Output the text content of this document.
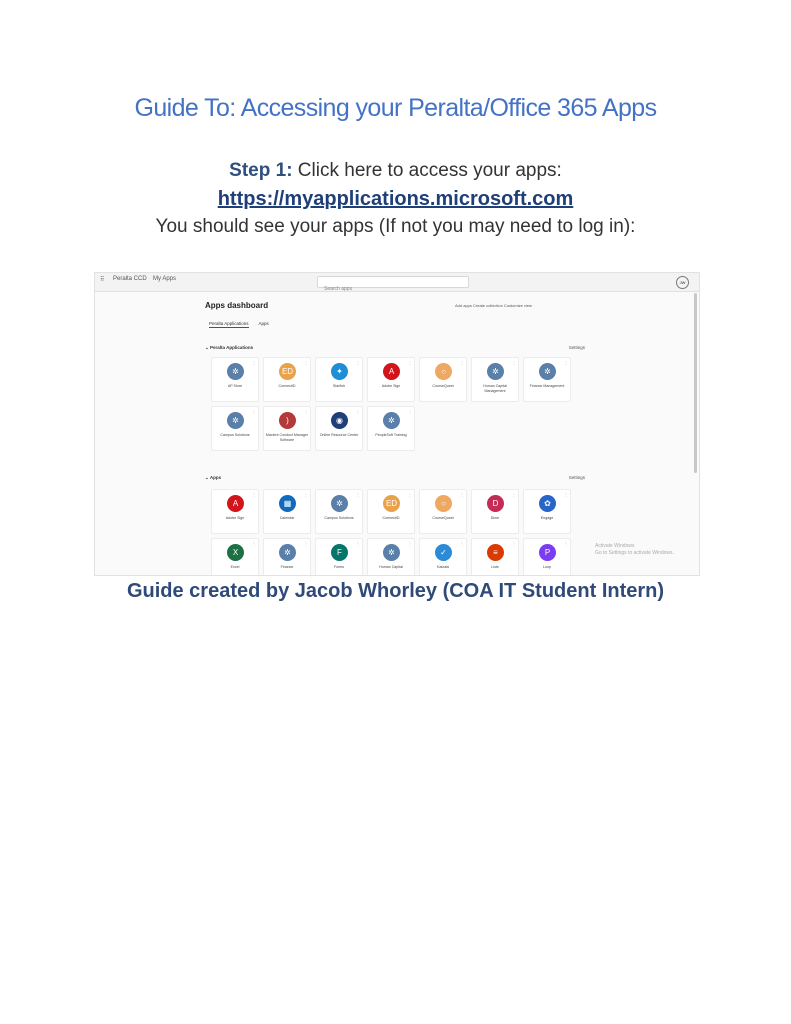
Guide To: Accessing your Peralta/Office 365 Apps
Step 1: Click here to access your apps:
https://myapplications.microsoft.com
You should see your apps (If not you may need to log in):
⠿ Peralta CCD My Apps
Search apps
JW
Apps dashboard	Add apps Create collection Customize view
Peralta Applications Apps
⌄ Peralta Applications	Settings
✲
AP Store
⋮
ED
ConnectID
⋮
✦
Starfish
⋮
A
Adobe Sign
⋮
○
CourseQuest
⋮
✲
Human Capital Management
⋮
✲
Finance Management
⋮
✲
Campus Solutions
⋮
)
Maxient Conduct Manager Software
⋮
◉
Online Resource Center
⋮
✲
PeopleSoft Training
⋮
⌄ Apps	Settings
A
Adobe Sign
⋮
▦
Calendar
⋮
✲
Campus Solutions
⋮
ED
ConnectID
⋮
○
CourseQuest
⋮
D
Dime
⋮
✿
Engage
⋮
X
Excel
⋮
✲
Finance
⋮
F
Forms
⋮
✲
Human Capital
⋮
✓
Kaizala
⋮
≡
Lists
⋮
P
Loop
⋮	Activate Windows
Go to Settings to activate Windows.
Guide created by Jacob Whorley (COA IT Student Intern)
